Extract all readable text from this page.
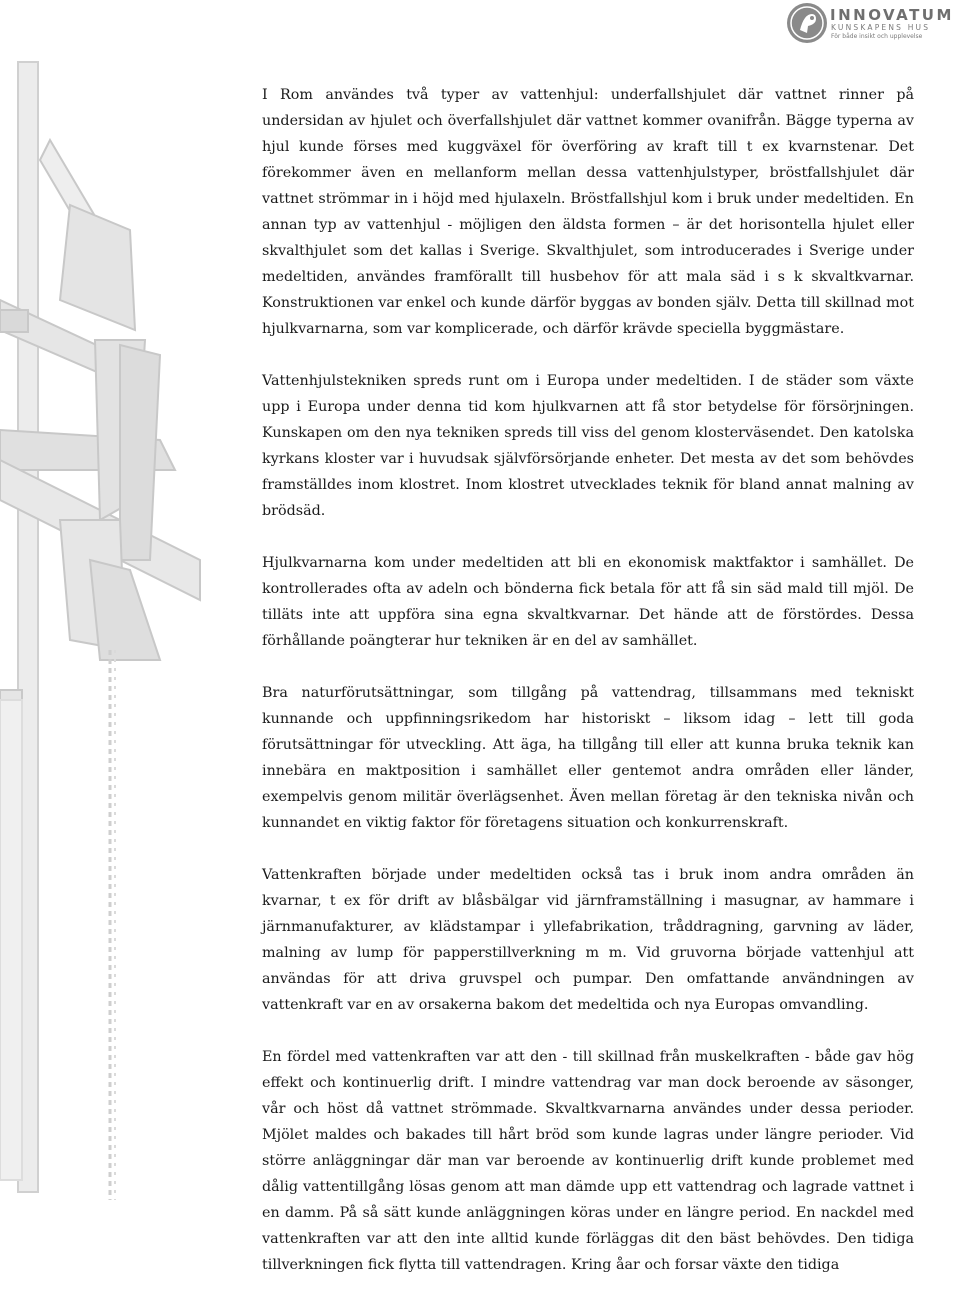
INNOVATUM
KUNSKAPENS HUS
För både insikt och upplevelse

I Rom användes två typer av vattenhjul: underfallshjulet där vattnet rinner på undersidan av hjulet och överfallshjulet där vattnet kommer ovanifrån. Bägge typerna av hjul kunde förses med kuggväxel för överföring av kraft till t ex kvarnstenar. Det förekommer även en mellanform mellan dessa vattenhjulstyper, bröstfallshjulet där vattnet strömmar in i höjd med hjulaxeln. Bröstfallshjul kom i bruk under medeltiden. En annan typ av vattenhjul - möjligen den äldsta formen – är det horisontella hjulet eller skvalthjulet som det kallas i Sverige. Skvalthjulet, som introducerades i Sverige under medeltiden, användes framförallt till husbehov för att mala säd i s k skvaltkvarnar. Konstruktionen var enkel och kunde därför byggas av bonden själv. Detta till skillnad mot hjulkvarnarna, som var komplicerade, och därför krävde speciella byggmästare.

Vattenhjulstekniken spreds runt om i Europa under medeltiden. I de städer som växte upp i Europa under denna tid kom hjulkvarnen att få stor betydelse för försörjningen. Kunskapen om den nya tekniken spreds till viss del genom klosterväsendet. Den katolska kyrkans kloster var i huvudsak självförsörjande enheter. Det mesta av det som behövdes framställdes inom klostret. Inom klostret utvecklades teknik för bland annat malning av brödsäd.

Hjulkvarnarna kom under medeltiden att bli en ekonomisk maktfaktor i samhället. De kontrollerades ofta av adeln och bönderna fick betala för att få sin säd mald till mjöl. De tilläts inte att uppföra sina egna skvaltkvarnar. Det hände att de förstördes. Dessa förhållande poängterar hur tekniken är en del av samhället.

Bra naturförutsättningar, som tillgång på vattendrag, tillsammans med tekniskt kunnande och uppfinningsrikedom har historiskt – liksom idag – lett till goda förutsättningar för utveckling. Att äga, ha tillgång till eller att kunna bruka teknik kan innebära en maktposition i samhället eller gentemot andra områden eller länder, exempelvis genom militär överlägsenhet. Även mellan företag är den tekniska nivån och kunnandet en viktig faktor för företagens situation och konkurrenskraft.

Vattenkraften började under medeltiden också tas i bruk inom andra områden än kvarnar, t ex för drift av blåsbälgar vid järnframställning i masugnar, av hammare i järnmanufakturer, av klädstampar i yllefabrikation, tråddragning, garvning av läder, malning av lump för papperstillverkning m m. Vid gruvorna började vattenhjul att användas för att driva gruvspel och pumpar. Den omfattande användningen av vattenkraft var en av orsakerna bakom det medeltida och nya Europas omvandling.

En fördel med vattenkraften var att den - till skillnad från muskelkraften - både gav hög effekt och kontinuerlig drift. I mindre vattendrag var man dock beroende av säsonger, vår och höst då vattnet strömmade. Skvaltkvarnarna användes under dessa perioder. Mjölet maldes och bakades till hårt bröd som kunde lagras under längre perioder. Vid större anläggningar där man var beroende av kontinuerlig drift kunde problemet med dålig vattentillgång lösas genom att man dämde upp ett vattendrag och lagrade vattnet i en damm. På så sätt kunde anläggningen köras under en längre period. En nackdel med vattenkraften var att den inte alltid kunde förläggas dit den bäst behövdes. Den tidiga tillverkningen fick flytta till vattendragen. Kring åar och forsar växte den tidiga
